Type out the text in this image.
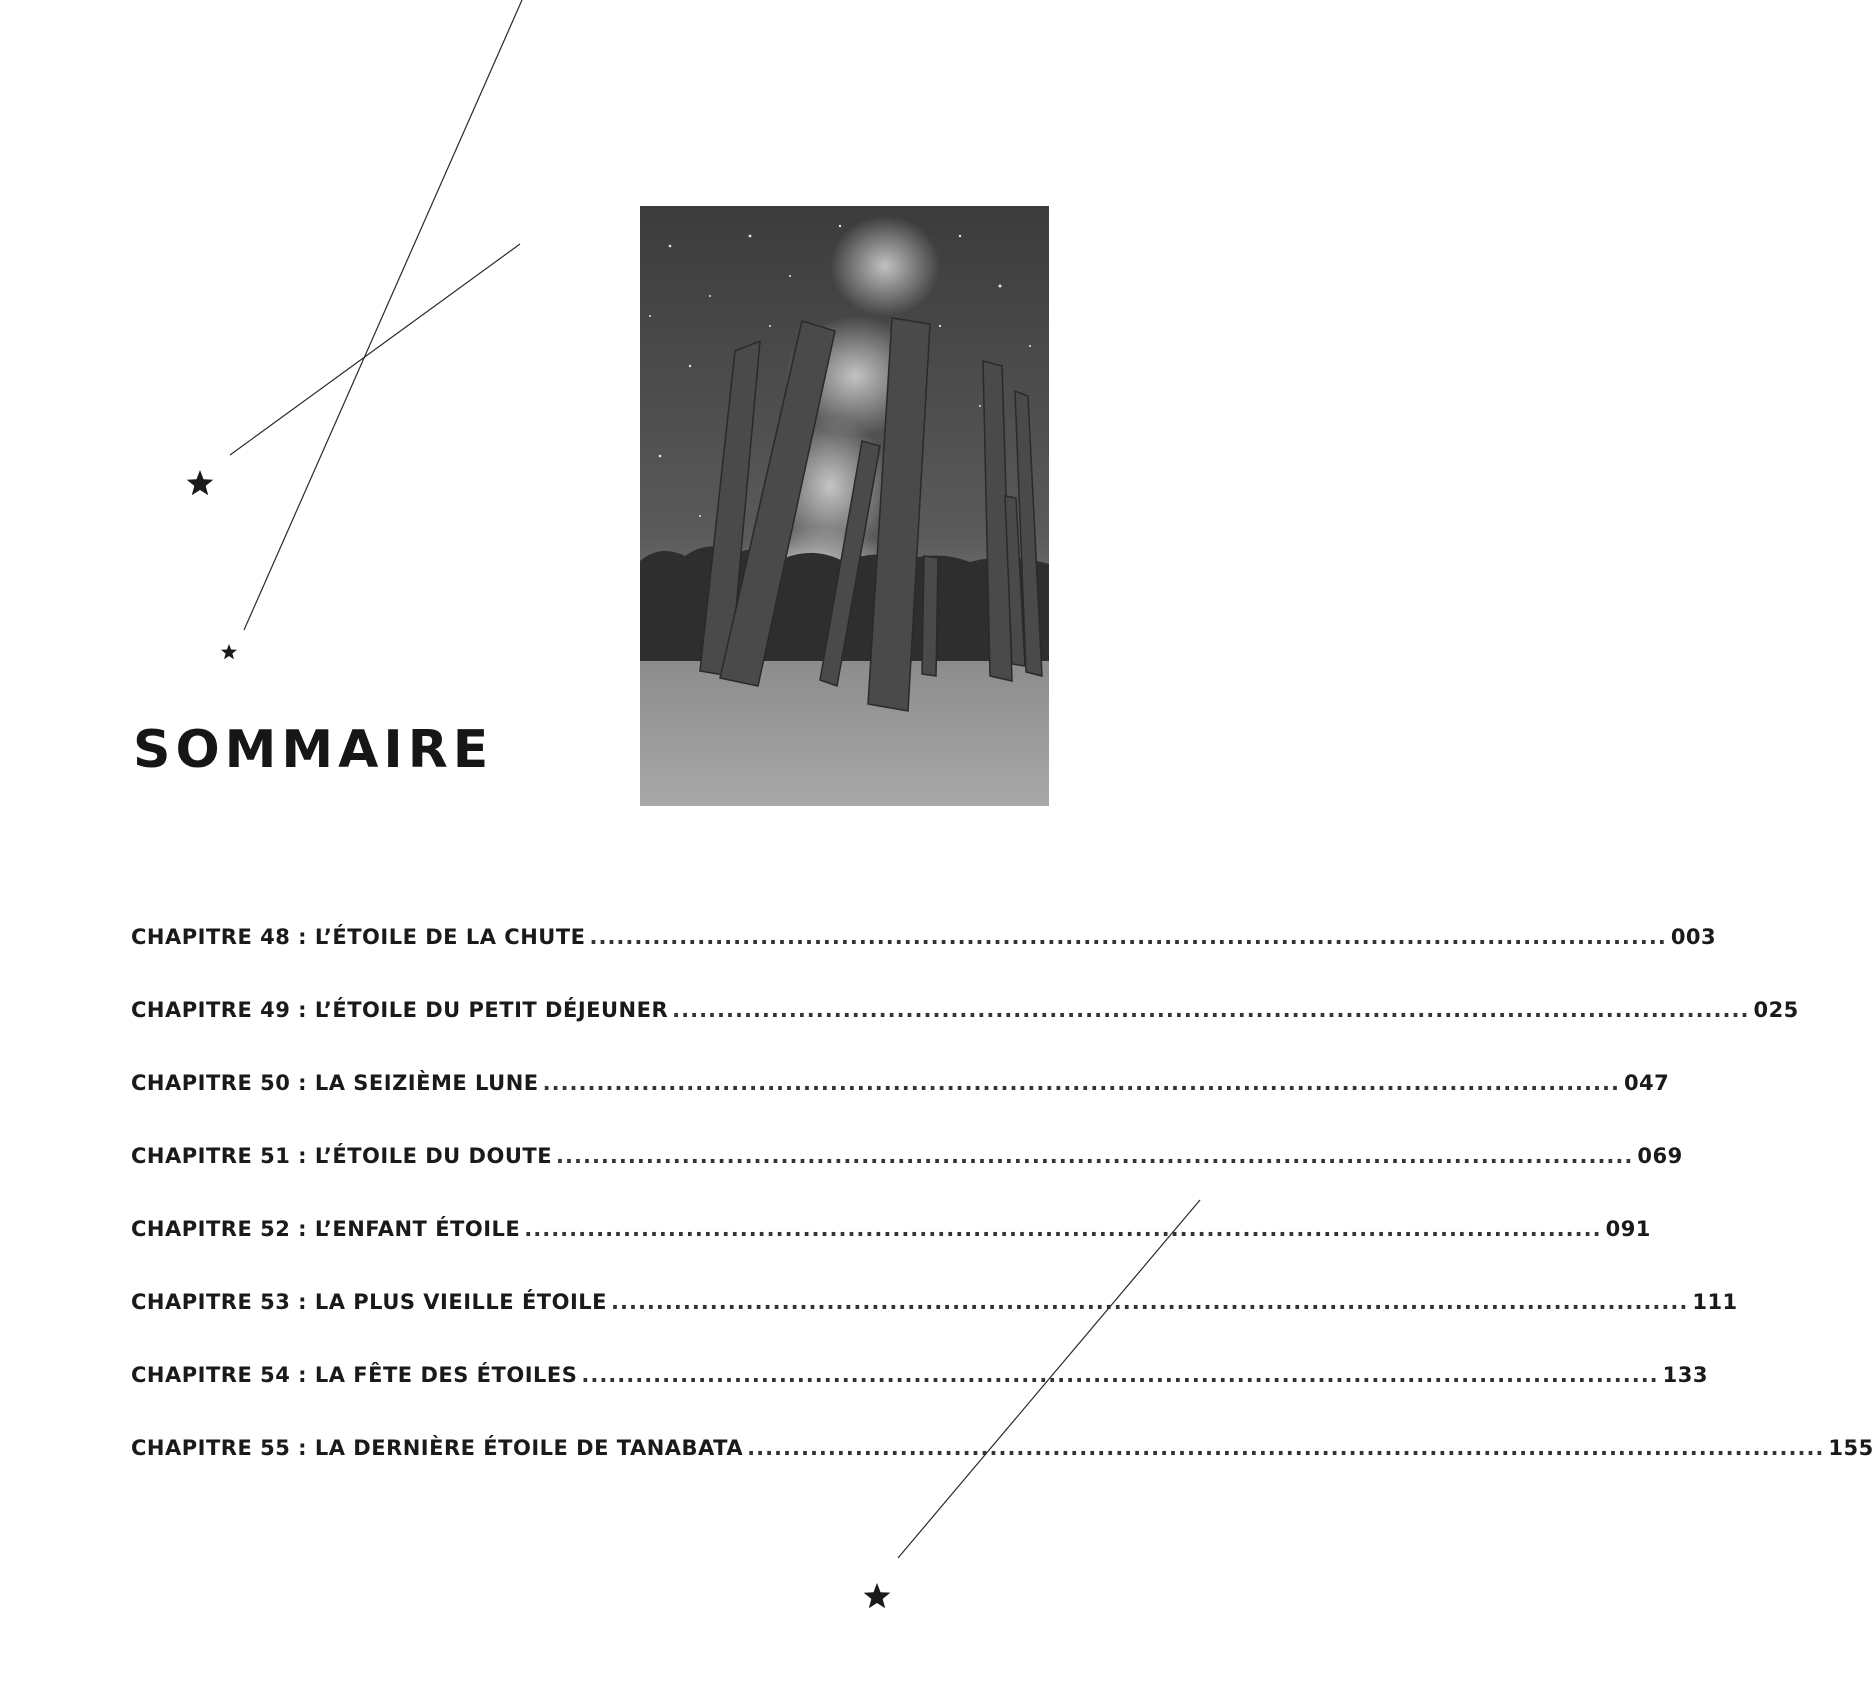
SOMMAIRE
CHAPITRE 48 : L’ÉTOILE DE LA CHUTE ........................................................................................................................ 003
CHAPITRE 49 : L’ÉTOILE DU PETIT DÉJEUNER ........................................................................................................................ 025
CHAPITRE 50 : LA SEIZIÈME LUNE ........................................................................................................................ 047
CHAPITRE 51 : L’ÉTOILE DU DOUTE ........................................................................................................................ 069
CHAPITRE 52 : L’ENFANT ÉTOILE ........................................................................................................................ 091
CHAPITRE 53 : LA PLUS VIEILLE ÉTOILE ........................................................................................................................ 111
CHAPITRE 54 : LA FÊTE DES ÉTOILES ........................................................................................................................ 133
CHAPITRE 55 : LA DERNIÈRE ÉTOILE DE TANABATA ........................................................................................................................ 155
